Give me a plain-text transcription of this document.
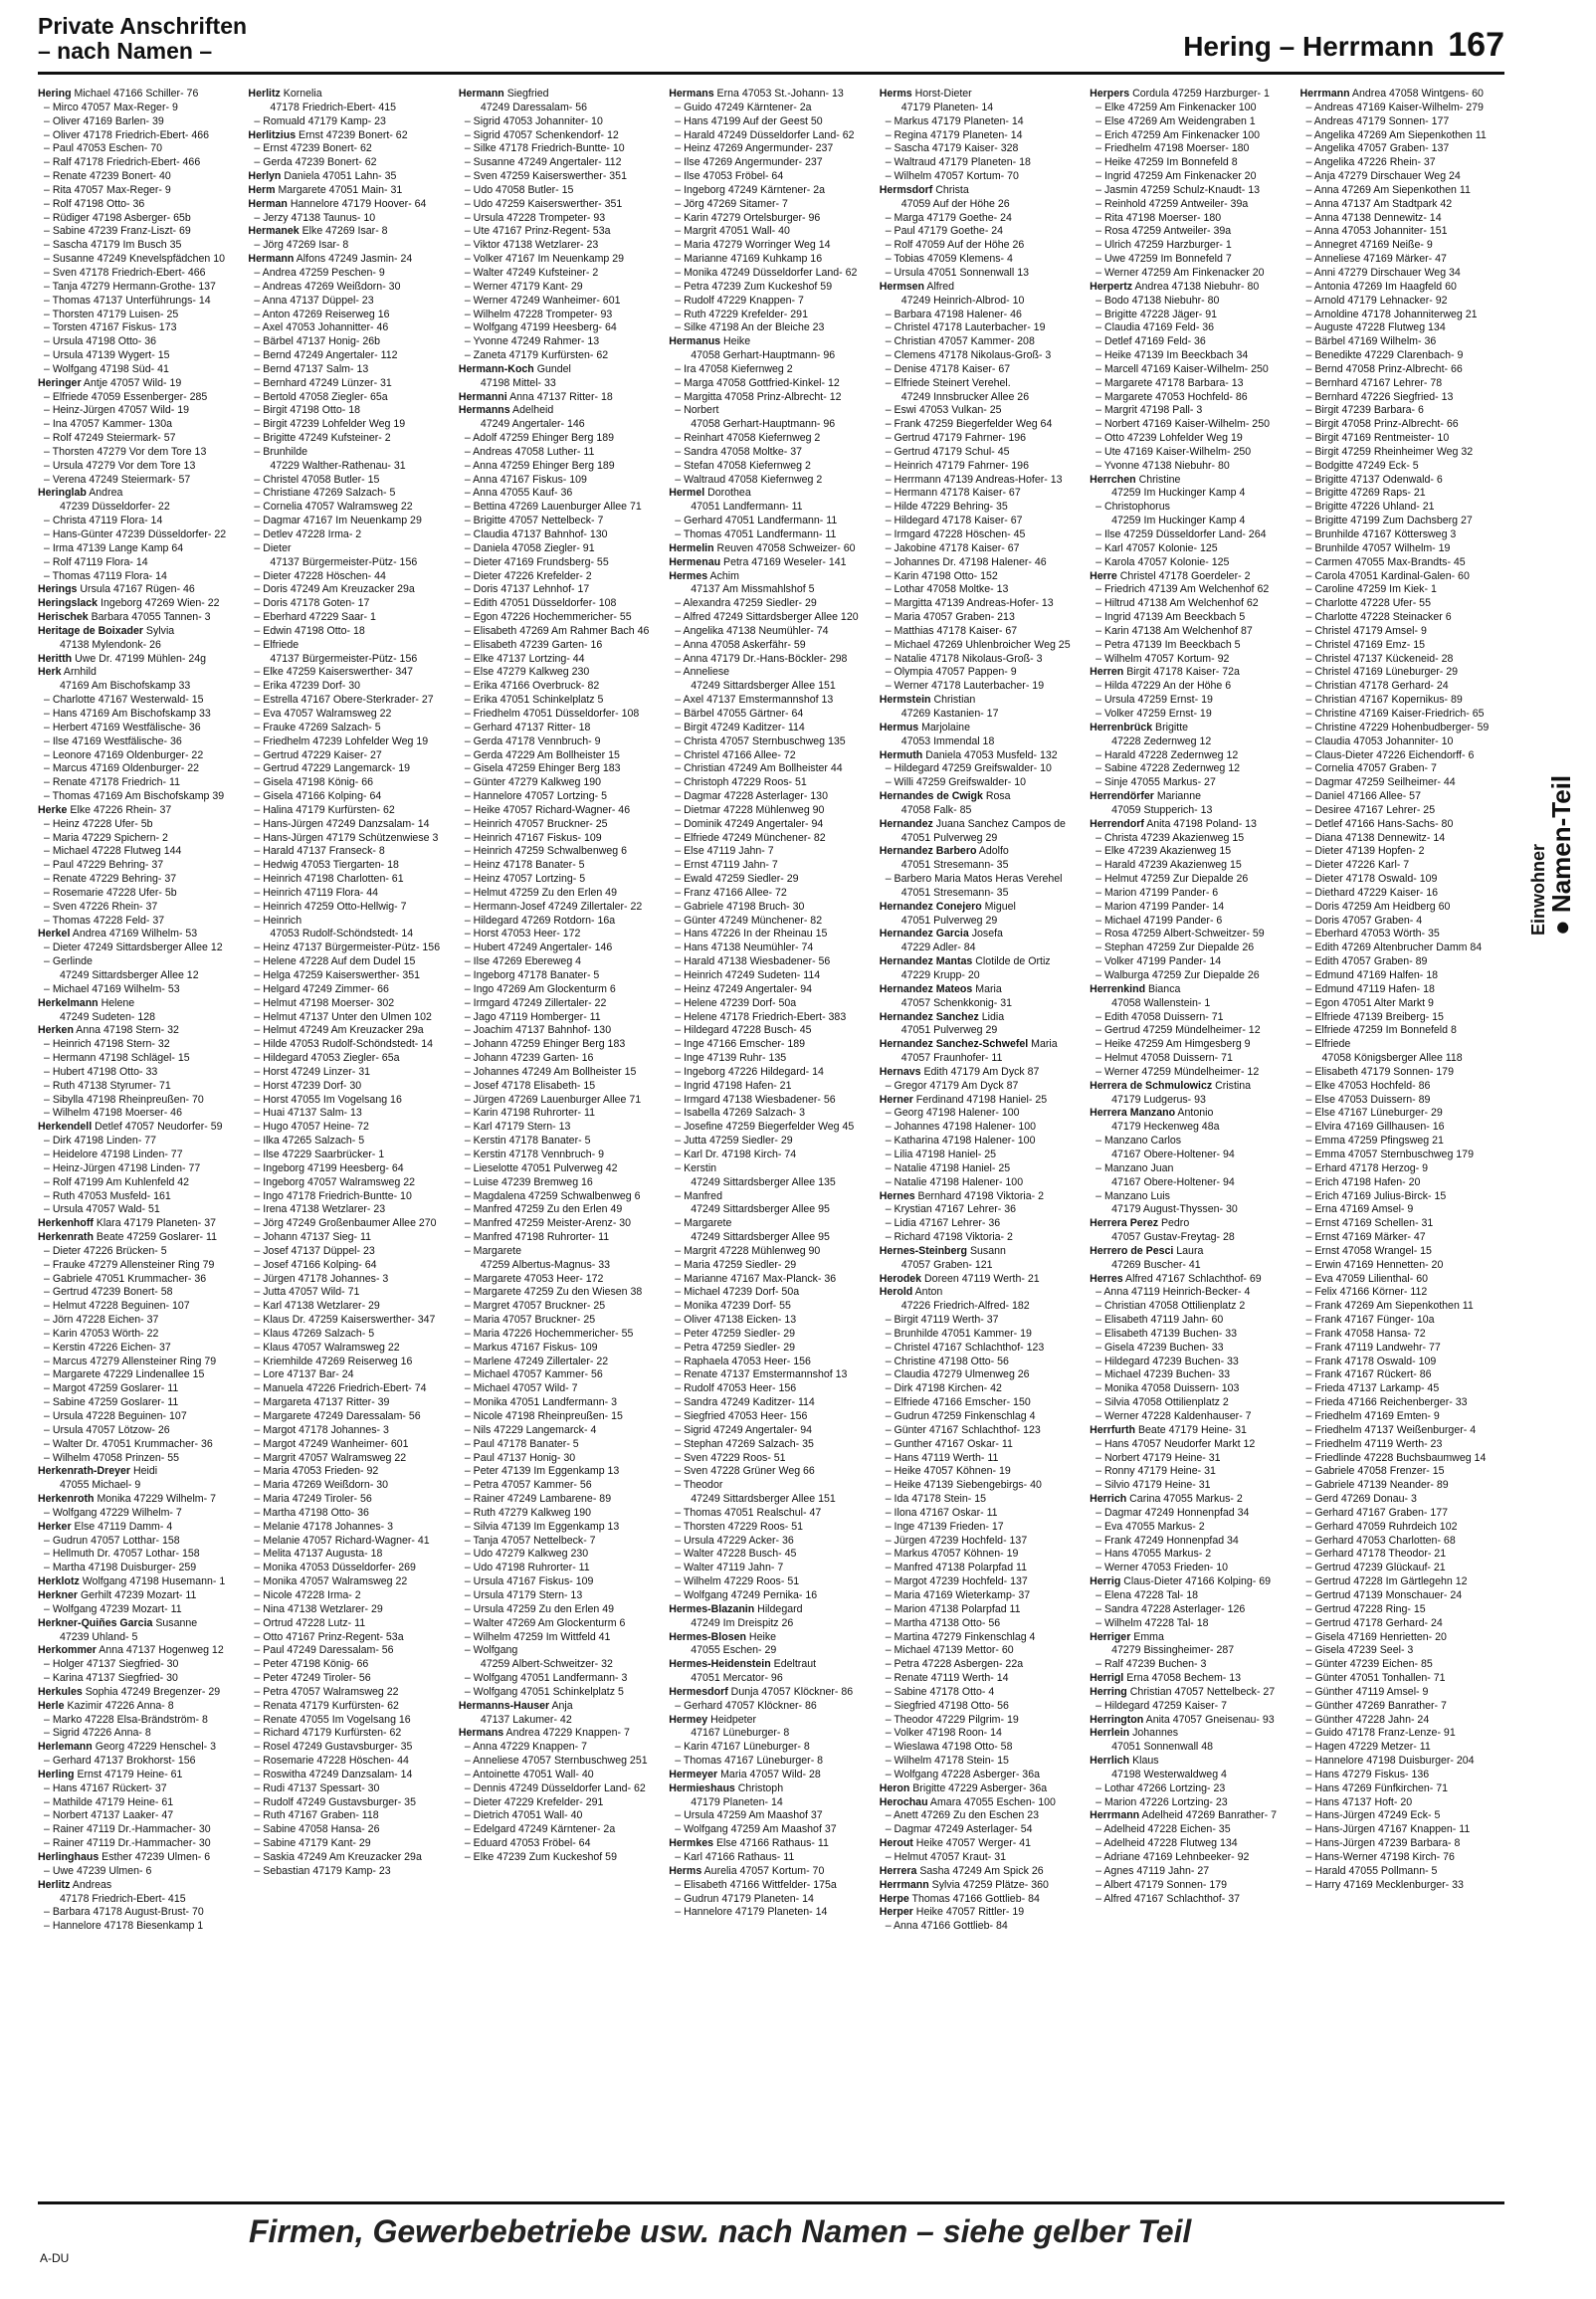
Private Anschriften
– nach Namen –	Hering – Herrmann 167
Hering Michael 47166 Schiller- 76
– Mirco 47057 Max-Reger- 9
– Oliver 47169 Barlen- 39
– Oliver 47178 Friedrich-Ebert- 466
– Paul 47053 Eschen- 70
– Ralf 47178 Friedrich-Ebert- 466
– Renate 47239 Bonert- 40
– Rita 47057 Max-Reger- 9
– Rolf 47198 Otto- 36
– Rüdiger 47198 Asberger- 65b
– Sabine 47239 Franz-Liszt- 69
– Sascha 47179 Im Busch 35
– Susanne 47249 Knevelspfädchen 10
– Sven 47178 Friedrich-Ebert- 466
– Tanja 47279 Hermann-Grothe- 137
– Thomas 47137 Unterführungs- 14
– Thorsten 47179 Luisen- 25
– Torsten 47167 Fiskus- 173
– Ursula 47198 Otto- 36
– Ursula 47139 Wygert- 15
– Wolfgang 47198 Süd- 41
Heringer Antje 47057 Wild- 19
– Elfriede 47059 Essenberger- 285
– Heinz-Jürgen 47057 Wild- 19
– Ina 47057 Kammer- 130a
– Rolf 47249 Steiermark- 57
– Thorsten 47279 Vor dem Tore 13
– Ursula 47279 Vor dem Tore 13
– Verena 47249 Steiermark- 57
Heringlab Andrea
47239 Düsseldorfer- 22
– Christa 47119 Flora- 14
– Hans-Günter 47239 Düsseldorfer- 22
– Irma 47139 Lange Kamp 64
– Rolf 47119 Flora- 14
– Thomas 47119 Flora- 14
Herings Ursula 47167 Rügen- 46
Heringslack Ingeborg 47269 Wien- 22
Herischek Barbara 47055 Tannen- 3
Heritage de Boixader Sylvia
47138 Mylendonk- 26
Heritth Uwe Dr. 47199 Mühlen- 24g
Herk Arnhild
47169 Am Bischofskamp 33
– Charlotte 47167 Westerwald- 15
– Hans 47169 Am Bischofskamp 33
– Herbert 47169 Westfälische- 36
– Ilse 47169 Westfälische- 36
– Leonore 47169 Oldenburger- 22
– Marcus 47169 Oldenburger- 22
– Renate 47178 Friedrich- 11
– Thomas 47169 Am Bischofskamp 39
Herke Elke 47226 Rhein- 37
– Heinz 47228 Ufer- 5b
– Maria 47229 Spichern- 2
– Michael 47228 Flutweg 144
– Paul 47229 Behring- 37
– Renate 47229 Behring- 37
– Rosemarie 47228 Ufer- 5b
– Sven 47226 Rhein- 37
– Thomas 47228 Feld- 37
Herkel Andrea 47169 Wilhelm- 53
– Dieter 47249 Sittardsberger Allee 12
– Gerlinde
47249 Sittardsberger Allee 12
– Michael 47169 Wilhelm- 53
Herkelmann Helene
47249 Sudeten- 128
Herken Anna 47198 Stern- 32
– Heinrich 47198 Stern- 32
– Hermann 47198 Schlägel- 15
– Hubert 47198 Otto- 33
– Ruth 47138 Styrumer- 71
– Sibylla 47198 Rheinpreußen- 70
– Wilhelm 47198 Moerser- 46
Herkendell Detlef 47057 Neudorfer- 59
– Dirk 47198 Linden- 77
– Heidelore 47198 Linden- 77
– Heinz-Jürgen 47198 Linden- 77
– Rolf 47199 Am Kuhlenfeld 42
– Ruth 47053 Musfeld- 161
– Ursula 47057 Wald- 51
Herkenhoff Klara 47179 Planeten- 37
Herkenrath Beate 47259 Goslarer- 11
– Dieter 47226 Brücken- 5
– Frauke 47279 Allensteiner Ring 79
– Gabriele 47051 Krummacher- 36
– Gertrud 47239 Bonert- 58
– Helmut 47228 Beguinen- 107
– Jörn 47228 Eichen- 37
– Karin 47053 Wörth- 22
– Kerstin 47226 Eichen- 37
– Marcus 47279 Allensteiner Ring 79
– Margarete 47229 Lindenallee 15
– Margot 47259 Goslarer- 11
– Sabine 47259 Goslarer- 11
– Ursula 47228 Beguinen- 107
– Ursula 47057 Lötzow- 26
– Walter Dr. 47051 Krummacher- 36
– Wilhelm 47058 Prinzen- 55
Herkenrath-Dreyer Heidi
47055 Michael- 9
Herkenroth Monika 47229 Wilhelm- 7
– Wolfgang 47229 Wilhelm- 7
Herker Else 47119 Damm- 4
– Gudrun 47057 Lotthar- 158
– Hellmuth Dr. 47057 Lothar- 158
– Martha 47198 Duisburger- 259
Herklotz Wolfgang 47198 Husemann- 1
Herkner Gerhilt 47239 Mozart- 11
– Wolfgang 47239 Mozart- 11
Herkner-Quiñes Garcia Susanne
47239 Uhland- 5
Herkommer Anna 47137 Hogenweg 12
– Holger 47137 Siegfried- 30
– Karina 47137 Siegfried- 30
Herkules Sophia 47249 Bregenzer- 29
Herle Kazimir 47226 Anna- 8
– Marko 47228 Elsa-Brändström- 8
– Sigrid 47226 Anna- 8
Herlemann Georg 47229 Henschel- 3
– Gerhard 47137 Brokhorst- 156
Herling Ernst 47179 Heine- 61
– Hans 47167 Rückert- 37
– Mathilde 47179 Heine- 61
– Norbert 47137 Laaker- 47
– Rainer 47119 Dr.-Hammacher- 30
– Rainer 47119 Dr.-Hammacher- 30
Herlinghaus Esther 47239 Ulmen- 6
– Uwe 47239 Ulmen- 6
Herlitz Andreas
47178 Friedrich-Ebert- 415
– Barbara 47178 August-Brust- 70
– Hannelore 47178 Biesenkamp 1
Herlitz Kornelia
47178 Friedrich-Ebert- 415
– Romuald 47179 Kamp- 23
Herlitzius Ernst 47239 Bonert- 62
– Ernst 47239 Bonert- 62
– Gerda 47239 Bonert- 62
Herlyn Daniela 47051 Lahn- 35
Herm Margarete 47051 Main- 31
Herman Hannelore 47179 Hoover- 64
– Jerzy 47138 Taunus- 10
Hermanek Elke 47269 Isar- 8
– Jörg 47269 Isar- 8
Hermann Alfons 47249 Jasmin- 24
– Andrea 47259 Peschen- 9
– Andreas 47269 Weißdorn- 30
– Anna 47137 Düppel- 23
– Anton 47269 Reiserweg 16
– Axel 47053 Johannitter- 46
– Bärbel 47137 Honig- 26b
– Bernd 47249 Angertaler- 112
– Bernd 47137 Salm- 13
– Bernhard 47249 Lünzer- 31
– Bertold 47058 Ziegler- 65a
– Birgit 47198 Otto- 18
– Birgit 47239 Lohfelder Weg 19
– Brigitte 47249 Kufsteiner- 2
– Brunhilde
47229 Walther-Rathenau- 31
– Christel 47058 Butler- 15
– Christiane 47269 Salzach- 5
– Cornelia 47057 Walramsweg 22
– Dagmar 47167 Im Neuenkamp 29
– Detlev 47228 Irma- 2
– Dieter
47137 Bürgermeister-Pütz- 156
– Dieter 47228 Höschen- 44
– Doris 47249 Am Kreuzacker 29a
– Doris 47178 Goten- 17
– Eberhard 47229 Saar- 1
– Edwin 47198 Otto- 18
– Elfriede
47137 Bürgermeister-Pütz- 156
– Elke 47259 Kaiserswerther- 347
– Erika 47239 Dorf- 30
– Estrella 47167 Obere-Sterkrader- 27
– Eva 47057 Walramsweg 22
– Frauke 47269 Salzach- 5
– Friedhelm 47239 Lohfelder Weg 19
– Gertrud 47229 Kaiser- 27
– Gertrud 47229 Langemarck- 19
– Gisela 47198 König- 66
– Gisela 47166 Kolping- 64
– Halina 47179 Kurfürsten- 62
– Hans-Jürgen 47249 Danzsalam- 14
– Hans-Jürgen 47179 Schützenwiese 3
– Harald 47137 Franseck- 8
– Hedwig 47053 Tiergarten- 18
– Heinrich 47198 Charlotten- 61
– Heinrich 47119 Flora- 44
– Heinrich 47259 Otto-Hellwig- 7
– Heinrich
47053 Rudolf-Schöndstedt- 14
– Heinz 47137 Bürgermeister-Pütz- 156
– Helene 47228 Auf dem Dudel 15
– Helga 47259 Kaiserswerther- 351
– Helgard 47249 Zimmer- 66
– Helmut 47198 Moerser- 302
– Helmut 47137 Unter den Ulmen 102
– Helmut 47249 Am Kreuzacker 29a
– Hilde 47053 Rudolf-Schöndstedt- 14
– Hildegard 47053 Ziegler- 65a
– Horst 47249 Linzer- 31
– Horst 47239 Dorf- 30
– Horst 47055 Im Vogelsang 16
– Huai 47137 Salm- 13
– Hugo 47057 Heine- 72
– Ilka 47265 Salzach- 5
– Ilse 47229 Saarbrücker- 1
– Ingeborg 47199 Heesberg- 64
– Ingeborg 47057 Walramsweg 22
– Ingo 47178 Friedrich-Buntte- 10
– Irena 47138 Wetzlarer- 23
– Jörg 47249 Großenbaumer Allee 270
– Johann 47137 Sieg- 11
– Josef 47137 Düppel- 23
– Josef 47166 Kolping- 64
– Jürgen 47178 Johannes- 3
– Jutta 47057 Wild- 71
– Karl 47138 Wetzlarer- 29
– Klaus Dr. 47259 Kaiserswerther- 347
– Klaus 47269 Salzach- 5
– Klaus 47057 Walramsweg 22
– Kriemhilde 47269 Reiserweg 16
– Lore 47137 Bar- 24
– Manuela 47226 Friedrich-Ebert- 74
– Margareta 47137 Ritter- 39
– Margarete 47249 Daressalam- 56
– Margot 47178 Johannes- 3
– Margot 47249 Wanheimer- 601
– Margrit 47057 Walramsweg 22
– Maria 47053 Frieden- 92
– Maria 47269 Weißdorn- 30
– Maria 47249 Tiroler- 56
– Martha 47198 Otto- 36
– Melanie 47178 Johannes- 3
– Melanie 47057 Richard-Wagner- 41
– Melita 47137 Augusta- 18
– Monika 47053 Düsseldorfer- 269
– Monika 47057 Walramsweg 22
– Nicole 47228 Irma- 2
– Nina 47138 Wetzlarer- 29
– Ortrud 47228 Lutz- 11
– Otto 47167 Prinz-Regent- 53a
– Paul 47249 Daressalam- 56
– Peter 47198 König- 66
– Peter 47249 Tiroler- 56
– Petra 47057 Walramsweg 22
– Renata 47179 Kurfürsten- 62
– Renate 47055 Im Vogelsang 16
– Richard 47179 Kurfürsten- 62
– Rosel 47249 Gustavsburger- 35
– Rosemarie 47228 Höschen- 44
– Roswitha 47249 Danzsalam- 14
– Rudi 47137 Spessart- 30
– Rudolf 47249 Gustavsburger- 35
– Ruth 47167 Graben- 118
– Sabine 47058 Hansa- 26
– Sabine 47179 Kant- 29
– Saskia 47249 Am Kreuzacker 29a
– Sebastian 47179 Kamp- 23
Hermann Siegfried
47249 Daressalam- 56
– Sigrid 47053 Johanniter- 10
– Sigrid 47057 Schenkendorf- 12
– Silke 47178 Friedrich-Buntte- 10
– Susanne 47249 Angertaler- 112
– Sven 47259 Kaiserswerther- 351
– Udo 47058 Butler- 15
– Udo 47259 Kaiserswerther- 351
– Ursula 47228 Trompeter- 93
– Ute 47167 Prinz-Regent- 53a
– Viktor 47138 Wetzlarer- 23
– Volker 47167 Im Neuenkamp 29
– Walter 47249 Kufsteiner- 2
– Werner 47179 Kant- 29
– Werner 47249 Wanheimer- 601
– Wilhelm 47228 Trompeter- 93
– Wolfgang 47199 Heesberg- 64
– Yvonne 47249 Rahmer- 13
– Zaneta 47179 Kurfürsten- 62
Hermann-Koch Gundel
47198 Mittel- 33
Hermanni Anna 47137 Ritter- 18
Hermanns Adelheid
47249 Angertaler- 146
– Adolf 47259 Ehinger Berg 189
– Andreas 47058 Luther- 11
– Anna 47259 Ehinger Berg 189
– Anna 47167 Fiskus- 109
– Anna 47055 Kauf- 36
– Bettina 47269 Lauenburger Allee 71
– Brigitte 47057 Nettelbeck- 7
– Claudia 47137 Bahnhof- 130
– Daniela 47058 Ziegler- 91
– Dieter 47169 Frundsberg- 55
– Dieter 47226 Krefelder- 2
– Doris 47137 Lehnhof- 17
– Edith 47051 Düsseldorfer- 108
– Egon 47226 Hochemmericher- 55
– Elisabeth 47269 Am Rahmer Bach 46
– Elisabeth 47239 Garten- 16
– Elke 47137 Lortzing- 44
– Else 47279 Kalkweg 230
– Erika 47166 Overbruck- 82
– Erika 47051 Schinkelplatz 5
– Friedhelm 47051 Düsseldorfer- 108
– Gerhard 47137 Ritter- 18
– Gerda 47178 Vennbruch- 9
– Gerda 47229 Am Bollheister 15
– Gisela 47259 Ehinger Berg 183
– Günter 47279 Kalkweg 190
– Hannelore 47057 Lortzing- 5
– Heike 47057 Richard-Wagner- 46
– Heinrich 47057 Bruckner- 25
– Heinrich 47167 Fiskus- 109
– Heinrich 47259 Schwalbenweg 6
– Heinz 47178 Banater- 5
– Heinz 47057 Lortzing- 5
– Helmut 47259 Zu den Erlen 49
– Hermann-Josef 47249 Zillertaler- 22
– Hildegard 47269 Rotdorn- 16a
– Horst 47053 Heer- 172
– Hubert 47249 Angertaler- 146
– Ilse 47269 Ebereweg 4
– Ingeborg 47178 Banater- 5
– Ingo 47269 Am Glockenturm 6
– Irmgard 47249 Zillertaler- 22
– Jago 47119 Homberger- 11
– Joachim 47137 Bahnhof- 130
– Johann 47259 Ehinger Berg 183
– Johann 47239 Garten- 16
– Johannes 47249 Am Bollheister 15
– Josef 47178 Elisabeth- 15
– Jürgen 47269 Lauenburger Allee 71
– Karin 47198 Ruhrorter- 11
– Karl 47179 Stern- 13
– Kerstin 47178 Banater- 5
– Kerstin 47178 Vennbruch- 9
– Lieselotte 47051 Pulverweg 42
– Luise 47239 Bremweg 16
– Magdalena 47259 Schwalbenweg 6
– Manfred 47259 Zu den Erlen 49
– Manfred 47259 Meister-Arenz- 30
– Manfred 47198 Ruhrorter- 11
– Margarete
47259 Albertus-Magnus- 33
– Margarete 47053 Heer- 172
– Margarete 47259 Zu den Wiesen 38
– Margret 47057 Bruckner- 25
– Maria 47057 Bruckner- 25
– Maria 47226 Hochemmericher- 55
– Markus 47167 Fiskus- 109
– Marlene 47249 Zillertaler- 22
– Michael 47057 Kammer- 56
– Michael 47057 Wild- 7
– Monika 47051 Landfermann- 3
– Nicole 47198 Rheinpreußen- 15
– Nils 47229 Langemarck- 4
– Paul 47178 Banater- 5
– Paul 47137 Honig- 30
– Peter 47139 Im Eggenkamp 13
– Petra 47057 Kammer- 56
– Rainer 47249 Lambarene- 89
– Ruth 47279 Kalkweg 190
– Silvia 47139 Im Eggenkamp 13
– Tanja 47057 Nettelbeck- 7
– Udo 47279 Kalkweg 230
– Udo 47198 Ruhrorter- 11
– Ursula 47167 Fiskus- 109
– Ursula 47179 Stern- 13
– Ursula 47259 Zu den Erlen 49
– Walter 47269 Am Glockenturm 6
– Wilhelm 47259 Im Wittfeld 41
– Wolfgang
47259 Albert-Schweitzer- 32
– Wolfgang 47051 Landfermann- 3
– Wolfgang 47051 Schinkelplatz 5
Hermanns-Hauser Anja
47137 Lakumer- 42
Hermans Andrea 47229 Knappen- 7
– Anna 47229 Knappen- 7
– Anneliese 47057 Sternbuschweg 251
– Antoinette 47051 Wall- 40
– Dennis 47249 Düsseldorfer Land- 62
– Dieter 47229 Krefelder- 291
– Dietrich 47051 Wall- 40
– Edelgard 47249 Kärntener- 2a
– Eduard 47053 Fröbel- 64
– Elke 47239 Zum Kuckeshof 59
Hermans Erna 47053 St.-Johann- 13
– Guido 47249 Kärntener- 2a
– Hans 47199 Auf der Geest 50
– Harald 47249 Düsseldorfer Land- 62
– Heinz 47269 Angermunder- 237
– Ilse 47269 Angermunder- 237
– Ilse 47053 Fröbel- 64
– Ingeborg 47249 Kärntener- 2a
– Jörg 47269 Sitamer- 7
– Karin 47279 Ortelsburger- 96
– Margrit 47051 Wall- 40
– Maria 47279 Worringer Weg 14
– Marianne 47169 Kuhkamp 16
– Monika 47249 Düsseldorfer Land- 62
– Petra 47239 Zum Kuckeshof 59
– Rudolf 47229 Knappen- 7
– Ruth 47229 Krefelder- 291
– Silke 47198 An der Bleiche 23
Hermanus Heike
47058 Gerhart-Hauptmann- 96
– Ira 47058 Kiefernweg 2
– Marga 47058 Gottfried-Kinkel- 12
– Margitta 47058 Prinz-Albrecht- 12
– Norbert
47058 Gerhart-Hauptmann- 96
– Reinhart 47058 Kiefernweg 2
– Sandra 47058 Moltke- 37
– Stefan 47058 Kiefernweg 2
– Waltraud 47058 Kiefernweg 2
Hermel Dorothea
47051 Landfermann- 11
– Gerhard 47051 Landfermann- 11
– Thomas 47051 Landfermann- 11
Hermelin Reuven 47058 Schweizer- 60
Hermenau Petra 47169 Weseler- 141
Hermes Achim
47137 Am Missmahlshof 5
– Alexandra 47259 Siedler- 29
– Alfred 47249 Sittardsberger Allee 120
– Angelika 47138 Neumühler- 74
– Anna 47058 Askerfähr- 59
– Anna 47179 Dr.-Hans-Böckler- 298
– Anneliese
47249 Sittardsberger Allee 151
– Axel 47137 Emstermannshof 13
– Bärbel 47055 Gärtner- 64
– Birgit 47249 Kaditzer- 114
– Christa 47057 Sternbuschweg 135
– Christel 47166 Allee- 72
– Christian 47249 Am Bollheister 44
– Christoph 47229 Roos- 51
– Dagmar 47228 Asterlager- 130
– Dietmar 47228 Mühlenweg 90
– Dominik 47249 Angertaler- 94
– Elfriede 47249 Münchener- 82
– Else 47119 Jahn- 7
– Ernst 47119 Jahn- 7
– Ewald 47259 Siedler- 29
– Franz 47166 Allee- 72
– Gabriele 47198 Bruch- 30
– Günter 47249 Münchener- 82
– Hans 47226 In der Rheinau 15
– Hans 47138 Neumühler- 74
– Harald 47138 Wiesbadener- 56
– Heinrich 47249 Sudeten- 114
– Heinz 47249 Angertaler- 94
– Helene 47239 Dorf- 50a
– Helene 47178 Friedrich-Ebert- 383
– Hildegard 47228 Busch- 45
– Inge 47166 Emscher- 189
– Inge 47139 Ruhr- 135
– Ingeborg 47226 Hildegard- 14
– Ingrid 47198 Hafen- 21
– Irmgard 47138 Wiesbadener- 56
– Isabella 47269 Salzach- 3
– Josefine 47259 Biegerfelder Weg 45
– Jutta 47259 Siedler- 29
– Karl Dr. 47198 Kirch- 74
– Kerstin
47249 Sittardsberger Allee 135
– Manfred
47249 Sittardsberger Allee 95
– Margarete
47249 Sittardsberger Allee 95
– Margrit 47228 Mühlenweg 90
– Maria 47259 Siedler- 29
– Marianne 47167 Max-Planck- 36
– Michael 47239 Dorf- 50a
– Monika 47239 Dorf- 55
– Oliver 47138 Eicken- 13
– Peter 47259 Siedler- 29
– Petra 47259 Siedler- 29
– Raphaela 47053 Heer- 156
– Renate 47137 Emstermannshof 13
– Rudolf 47053 Heer- 156
– Sandra 47249 Kaditzer- 114
– Siegfried 47053 Heer- 156
– Sigrid 47249 Angertaler- 94
– Stephan 47269 Salzach- 35
– Sven 47229 Roos- 51
– Sven 47228 Grüner Weg 66
– Theodor
47249 Sittardsberger Allee 151
– Thomas 47051 Realschul- 47
– Thorsten 47229 Roos- 51
– Ursula 47229 Acker- 36
– Walter 47228 Busch- 45
– Walter 47119 Jahn- 7
– Wilhelm 47229 Roos- 51
– Wolfgang 47249 Pernika- 16
Hermes-Blazanin Hildegard
47249 Im Dreispitz 26
Hermes-Blosen Heike
47055 Eschen- 29
Hermes-Heidenstein Edeltraut
47051 Mercator- 96
Hermesdorf Dunja 47057 Klöckner- 86
– Gerhard 47057 Klöckner- 86
Hermey Heidpeter
47167 Lüneburger- 8
– Karin 47167 Lüneburger- 8
– Thomas 47167 Lüneburger- 8
Hermeyer Maria 47057 Wild- 28
Hermieshaus Christoph
47179 Planeten- 14
– Ursula 47259 Am Maashof 37
– Wolfgang 47259 Am Maashof 37
Hermkes Else 47166 Rathaus- 11
– Karl 47166 Rathaus- 11
Herms Aurelia 47057 Kortum- 70
– Elisabeth 47166 Wittfelder- 175a
– Gudrun 47179 Planeten- 14
– Hannelore 47179 Planeten- 14
Herms Horst-Dieter
47179 Planeten- 14
– Markus 47179 Planeten- 14
– Regina 47179 Planeten- 14
– Sascha 47179 Kaiser- 328
– Waltraud 47179 Planeten- 18
– Wilhelm 47057 Kortum- 70
Hermsdorf Christa
47059 Auf der Höhe 26
– Marga 47179 Goethe- 24
– Paul 47179 Goethe- 24
– Rolf 47059 Auf der Höhe 26
– Tobias 47059 Klemens- 4
– Ursula 47051 Sonnenwall 13
Hermsen Alfred
47249 Heinrich-Albrod- 10
– Barbara 47198 Halener- 46
– Christel 47178 Lauterbacher- 19
– Christian 47057 Kammer- 208
– Clemens 47178 Nikolaus-Groß- 3
– Denise 47178 Kaiser- 67
– Elfriede Steinert Verehel.
47249 Innsbrucker Allee 26
– Eswi 47053 Vulkan- 25
– Frank 47259 Biegerfelder Weg 64
– Gertrud 47179 Fahrner- 196
– Gertrud 47179 Schul- 45
– Heinrich 47179 Fahrner- 196
– Herrmann 47139 Andreas-Hofer- 13
– Hermann 47178 Kaiser- 67
– Hilde 47229 Behring- 35
– Hildegard 47178 Kaiser- 67
– Irmgard 47228 Höschen- 45
– Jakobine 47178 Kaiser- 67
– Johannes Dr. 47198 Halener- 46
– Karin 47198 Otto- 152
– Lothar 47058 Moltke- 13
– Margitta 47139 Andreas-Hofer- 13
– Maria 47057 Graben- 213
– Matthias 47178 Kaiser- 67
– Michael 47269 Uhlenbroicher Weg 25
– Natalie 47178 Nikolaus-Groß- 3
– Olympia 47057 Pappen- 9
– Werner 47178 Lauterbacher- 19
Hermstein Christian
47269 Kastanien- 17
Hermus Marjolaine
47053 Immendal 18
Hermuth Daniela 47053 Musfeld- 132
– Hildegard 47259 Greifswalder- 10
– Willi 47259 Greifswalder- 10
Hernandes de Cwigk Rosa
47058 Falk- 85
Hernandez Juana Sanchez Campos de
47051 Pulverweg 29
Hernandez Barbero Adolfo
47051 Stresemann- 35
– Barbero Maria Matos Heras Verehel
47051 Stresemann- 35
Hernandez Conejero Miguel
47051 Pulverweg 29
Hernandez Garcia Josefa
47229 Adler- 84
Hernandez Mantas Clotilde de Ortiz
47229 Krupp- 20
Hernandez Mateos Maria
47057 Schenkkonig- 31
Hernandez Sanchez Lidia
47051 Pulverweg 29
Hernandez Sanchez-Schwefel Maria
47057 Fraunhofer- 11
Hernavs Edith 47179 Am Dyck 87
– Gregor 47179 Am Dyck 87
Herner Ferdinand 47198 Haniel- 25
– Georg 47198 Halener- 100
– Johannes 47198 Halener- 100
– Katharina 47198 Halener- 100
– Lilia 47198 Haniel- 25
– Natalie 47198 Haniel- 25
– Natalie 47198 Halener- 100
Hernes Bernhard 47198 Viktoria- 2
– Krystian 47167 Lehrer- 36
– Lidia 47167 Lehrer- 36
– Richard 47198 Viktoria- 2
Hernes-Steinberg Susann
47057 Graben- 121
Herodek Doreen 47119 Werth- 21
Herold Anton
47226 Friedrich-Alfred- 182
– Birgit 47119 Werth- 37
– Brunhilde 47051 Kammer- 19
– Christel 47167 Schlachthof- 123
– Christine 47198 Otto- 56
– Claudia 47279 Ulmenweg 26
– Dirk 47198 Kirchen- 42
– Elfriede 47166 Emscher- 150
– Gudrun 47259 Finkenschlag 4
– Günter 47167 Schlachthof- 123
– Gunther 47167 Oskar- 11
– Hans 47119 Werth- 11
– Heike 47057 Köhnen- 19
– Heike 47139 Siebengebirgs- 40
– Ida 47178 Stein- 15
– Ilona 47167 Oskar- 11
– Inge 47139 Frieden- 17
– Jürgen 47239 Hochfeld- 137
– Markus 47057 Köhnen- 19
– Manfred 47138 Polarpfad 11
– Margot 47239 Hochfeld- 137
– Maria 47169 Wieterkamp- 37
– Marion 47138 Polarpfad 11
– Martha 47138 Otto- 56
– Martina 47279 Finkenschlag 4
– Michael 47139 Mettor- 60
– Petra 47228 Asbergen- 22a
– Renate 47119 Werth- 14
– Sabine 47178 Otto- 4
– Siegfried 47198 Otto- 56
– Theodor 47229 Pilgrim- 19
– Volker 47198 Roon- 14
– Wieslawa 47198 Otto- 58
– Wilhelm 47178 Stein- 15
– Wolfgang 47228 Asberger- 36a
Heron Brigitte 47229 Asberger- 36a
Herochau Amara 47055 Eschen- 100
– Anett 47269 Zu den Eschen 23
– Dagmar 47249 Asterlager- 54
Herout Heike 47057 Werger- 41
– Helmut 47057 Kraut- 31
Herrera Sasha 47249 Am Spick 26
Herrmann Sylvia 47259 Plätze- 360
Herpe Thomas 47166 Gottlieb- 84
Herper Heike 47057 Rittler- 19
– Anna 47166 Gottlieb- 84
Herpers Cordula 47259 Harzburger- 1
– Elke 47259 Am Finkenacker 100
– Else 47269 Am Weidengraben 1
– Erich 47259 Am Finkenacker 100
– Friedhelm 47198 Moerser- 180
– Heike 47259 Im Bonnefeld 8
– Ingrid 47259 Am Finkenacker 20
– Jasmin 47259 Schulz-Knaudt- 13
– Reinhold 47259 Antweiler- 39a
– Rita 47198 Moerser- 180
– Rosa 47259 Antweiler- 39a
– Ulrich 47259 Harzburger- 1
– Uwe 47259 Im Bonnefeld 7
– Werner 47259 Am Finkenacker 20
Herpertz Andrea 47138 Niebuhr- 80
– Bodo 47138 Niebuhr- 80
– Brigitte 47228 Jäger- 91
– Claudia 47169 Feld- 36
– Detlef 47169 Feld- 36
– Heike 47139 Im Beeckbach 34
– Marcell 47169 Kaiser-Wilhelm- 250
– Margarete 47178 Barbara- 13
– Margarete 47053 Hochfeld- 86
– Margrit 47198 Pall- 3
– Norbert 47169 Kaiser-Wilhelm- 250
– Otto 47239 Lohfelder Weg 19
– Ute 47169 Kaiser-Wilhelm- 250
– Yvonne 47138 Niebuhr- 80
Herrchen Christine
47259 Im Huckinger Kamp 4
– Christophorus
47259 Im Huckinger Kamp 4
– Ilse 47259 Düsseldorfer Land- 264
– Karl 47057 Kolonie- 125
– Karola 47057 Kolonie- 125
Herre Christel 47178 Goerdeler- 2
– Friedrich 47139 Am Welchenhof 62
– Hiltrud 47138 Am Welchenhof 62
– Ingrid 47139 Am Beeckbach 5
– Karin 47138 Am Welchenhof 87
– Petra 47139 Im Beeckbach 5
– Wilhelm 47057 Kortum- 92
Herren Birgit 47178 Kaiser- 72a
– Hilda 47229 An der Höhe 6
– Ursula 47259 Ernst- 19
– Volker 47259 Ernst- 19
Herrenbrück Brigitte
47228 Zedernweg 12
– Harald 47228 Zedernweg 12
– Sabine 47228 Zedernweg 12
– Sinje 47055 Markus- 27
Herrendörfer Marianne
47059 Stupperich- 13
Herrendorf Anita 47198 Poland- 13
– Christa 47239 Akazienweg 15
– Elke 47239 Akazienweg 15
– Harald 47239 Akazienweg 15
– Helmut 47259 Zur Diepalde 26
– Marion 47199 Pander- 6
– Marion 47199 Pander- 14
– Michael 47199 Pander- 6
– Rosa 47259 Albert-Schweitzer- 59
– Stephan 47259 Zur Diepalde 26
– Volker 47199 Pander- 14
– Walburga 47259 Zur Diepalde 26
Herrenkind Bianca
47058 Wallenstein- 1
– Edith 47058 Duissern- 71
– Gertrud 47259 Mündelheimer- 12
– Heike 47259 Am Himgesberg 9
– Helmut 47058 Duissern- 71
– Werner 47259 Mündelheimer- 12
Herrera de Schmulowicz Cristina
47179 Ludgerus- 93
Herrera Manzano Antonio
47179 Heckenweg 48a
– Manzano Carlos
47167 Obere-Holtener- 94
– Manzano Juan
47167 Obere-Holtener- 94
– Manzano Luis
47179 August-Thyssen- 30
Herrera Perez Pedro
47057 Gustav-Freytag- 28
Herrero de Pesci Laura
47269 Buscher- 41
Herres Alfred 47167 Schlachthof- 69
– Anna 47119 Heinrich-Becker- 4
– Christian 47058 Ottilienplatz 2
– Elisabeth 47119 Jahn- 60
– Elisabeth 47139 Buchen- 33
– Gisela 47239 Buchen- 33
– Hildegard 47239 Buchen- 33
– Michael 47239 Buchen- 33
– Monika 47058 Duissern- 103
– Silvia 47058 Ottilienplatz 2
– Werner 47228 Kaldenhauser- 7
Herrfurth Beate 47179 Heine- 31
– Hans 47057 Neudorfer Markt 12
– Norbert 47179 Heine- 31
– Ronny 47179 Heine- 31
– Silvio 47179 Heine- 31
Herrich Carina 47055 Markus- 2
– Dagmar 47249 Honnenpfad 34
– Eva 47055 Markus- 2
– Frank 47249 Honnenpfad 34
– Hans 47055 Markus- 2
– Werner 47053 Frieden- 10
Herrig Claus-Dieter 47166 Kolping- 69
– Elena 47228 Tal- 18
– Sandra 47228 Asterlager- 126
– Wilhelm 47228 Tal- 18
Herriger Emma
47279 Bissingheimer- 287
– Ralf 47239 Buchen- 3
Herrigl Erna 47058 Bechem- 13
Herring Christian 47057 Nettelbeck- 27
– Hildegard 47259 Kaiser- 7
Herrington Anita 47057 Gneisenau- 93
Herrlein Johannes
47051 Sonnenwall 48
Herrlich Klaus
47198 Westerwaldweg 4
– Lothar 47266 Lortzing- 23
– Marion 47226 Lortzing- 23
Herrmann Adelheid 47269 Banrather- 7
– Adelheid 47228 Eichen- 35
– Adelheid 47228 Flutweg 134
– Adriane 47169 Lehnbeeker- 92
– Agnes 47119 Jahn- 27
– Albert 47179 Sonnen- 179
– Alfred 47167 Schlachthof- 37
Herrmann Andrea 47058 Wintgens- 60
– Andreas 47169 Kaiser-Wilhelm- 279
– Andreas 47179 Sonnen- 177
– Angelika 47269 Am Siepenkothen 11
– Angelika 47057 Graben- 137
– Angelika 47226 Rhein- 37
– Anja 47279 Dirschauer Weg 24
– Anna 47269 Am Siepenkothen 11
– Anna 47137 Am Stadtpark 42
– Anna 47138 Dennewitz- 14
– Anna 47053 Johanniter- 151
– Annegret 47169 Neiße- 9
– Anneliese 47169 Märker- 47
– Anni 47279 Dirschauer Weg 34
– Antonia 47269 Im Haagfeld 60
– Arnold 47179 Lehnacker- 92
– Arnoldine 47178 Johanniterweg 21
– Auguste 47228 Flutweg 134
– Bärbel 47169 Wilhelm- 36
– Benedikte 47229 Clarenbach- 9
– Bernd 47058 Prinz-Albrecht- 66
– Bernhard 47167 Lehrer- 78
– Bernhard 47226 Siegfried- 13
– Birgit 47239 Barbara- 6
– Birgit 47058 Prinz-Albrecht- 66
– Birgit 47169 Rentmeister- 10
– Birgit 47259 Rheinheimer Weg 32
– Bodgitte 47249 Eck- 5
– Brigitte 47137 Odenwald- 6
– Brigitte 47269 Raps- 21
– Brigitte 47226 Uhland- 21
– Brigitte 47199 Zum Dachsberg 27
– Brunhilde 47167 Köttersweg 3
– Brunhilde 47057 Wilhelm- 19
– Carmen 47055 Max-Brandts- 45
– Carola 47051 Kardinal-Galen- 60
– Caroline 47259 Im Kiek- 1
– Charlotte 47228 Ufer- 55
– Charlotte 47228 Steinacker 6
– Christel 47179 Amsel- 9
– Christel 47169 Emz- 15
– Christel 47137 Kückeneid- 28
– Christel 47169 Lüneburger- 29
– Christian 47178 Gerhard- 24
– Christian 47167 Kopernikus- 89
– Christine 47169 Kaiser-Friedrich- 65
– Christine 47229 Hohenbudberger- 59
– Claudia 47053 Johanniter- 10
– Claus-Dieter 47226 Eichendorff- 6
– Cornelia 47057 Graben- 7
– Dagmar 47259 Seilheimer- 44
– Daniel 47166 Allee- 57
– Desiree 47167 Lehrer- 25
– Detlef 47166 Hans-Sachs- 80
– Diana 47138 Dennewitz- 14
– Dieter 47139 Hopfen- 2
– Dieter 47226 Karl- 7
– Dieter 47178 Oswald- 109
– Diethard 47229 Kaiser- 16
– Doris 47259 Am Heidberg 60
– Doris 47057 Graben- 4
– Eberhard 47053 Wörth- 35
– Edith 47269 Altenbrucher Damm 84
– Edith 47057 Graben- 89
– Edmund 47169 Halfen- 18
– Edmund 47119 Hafen- 18
– Egon 47051 Alter Markt 9
– Elfriede 47139 Breiberg- 15
– Elfriede 47259 Im Bonnefeld 8
– Elfriede
47058 Königsberger Allee 118
– Elisabeth 47179 Sonnen- 179
– Elke 47053 Hochfeld- 86
– Else 47053 Duissern- 89
– Else 47167 Lüneburger- 29
– Elvira 47169 Gillhausen- 16
– Emma 47259 Pfingsweg 21
– Emma 47057 Sternbuschweg 179
– Erhard 47178 Herzog- 9
– Erich 47198 Hafen- 20
– Erich 47169 Julius-Birck- 15
– Erna 47169 Amsel- 9
– Ernst 47169 Schellen- 31
– Ernst 47169 Märker- 47
– Ernst 47058 Wrangel- 15
– Erwin 47169 Hennetten- 20
– Eva 47059 Lilienthal- 60
– Felix 47166 Körner- 112
– Frank 47269 Am Siepenkothen 11
– Frank 47167 Fünger- 10a
– Frank 47058 Hansa- 72
– Frank 47119 Landwehr- 77
– Frank 47178 Oswald- 109
– Frank 47167 Rückert- 86
– Frieda 47137 Larkamp- 45
– Frieda 47166 Reichenberger- 33
– Friedhelm 47169 Emten- 9
– Friedhelm 47137 Weißenburger- 4
– Friedhelm 47119 Werth- 23
– Friedlinde 47228 Buchsbaumweg 14
– Gabriele 47058 Frenzer- 15
– Gabriele 47139 Neander- 89
– Gerd 47269 Donau- 3
– Gerhard 47167 Graben- 177
– Gerhard 47059 Ruhrdeich 102
– Gerhard 47053 Charlotten- 68
– Gerhard 47178 Theodor- 21
– Gertrud 47239 Glückauf- 21
– Gertrud 47228 Im Gärtlegehn 12
– Gertrud 47139 Monschauer- 24
– Gertrud 47228 Ring- 15
– Gertrud 47178 Gerhard- 24
– Gisela 47169 Henrietten- 20
– Gisela 47239 Seel- 3
– Günter 47239 Eichen- 85
– Günter 47051 Tonhallen- 71
– Günther 47119 Amsel- 9
– Günther 47269 Banrather- 7
– Günther 47228 Jahn- 24
– Guido 47178 Franz-Lenze- 91
– Hagen 47229 Metzer- 11
– Hannelore 47198 Duisburger- 204
– Hans 47279 Fiskus- 136
– Hans 47269 Fünfkirchen- 71
– Hans 47137 Hoft- 20
– Hans-Jürgen 47249 Eck- 5
– Hans-Jürgen 47167 Knappen- 11
– Hans-Jürgen 47239 Barbara- 8
– Hans-Werner 47198 Kirch- 76
– Harald 47055 Pollmann- 5
– Harry 47169 Mecklenburger- 33
Einwohner
● Namen-Teil
Firmen, Gewerbebetriebe usw. nach Namen – siehe gelber Teil
A-DU
